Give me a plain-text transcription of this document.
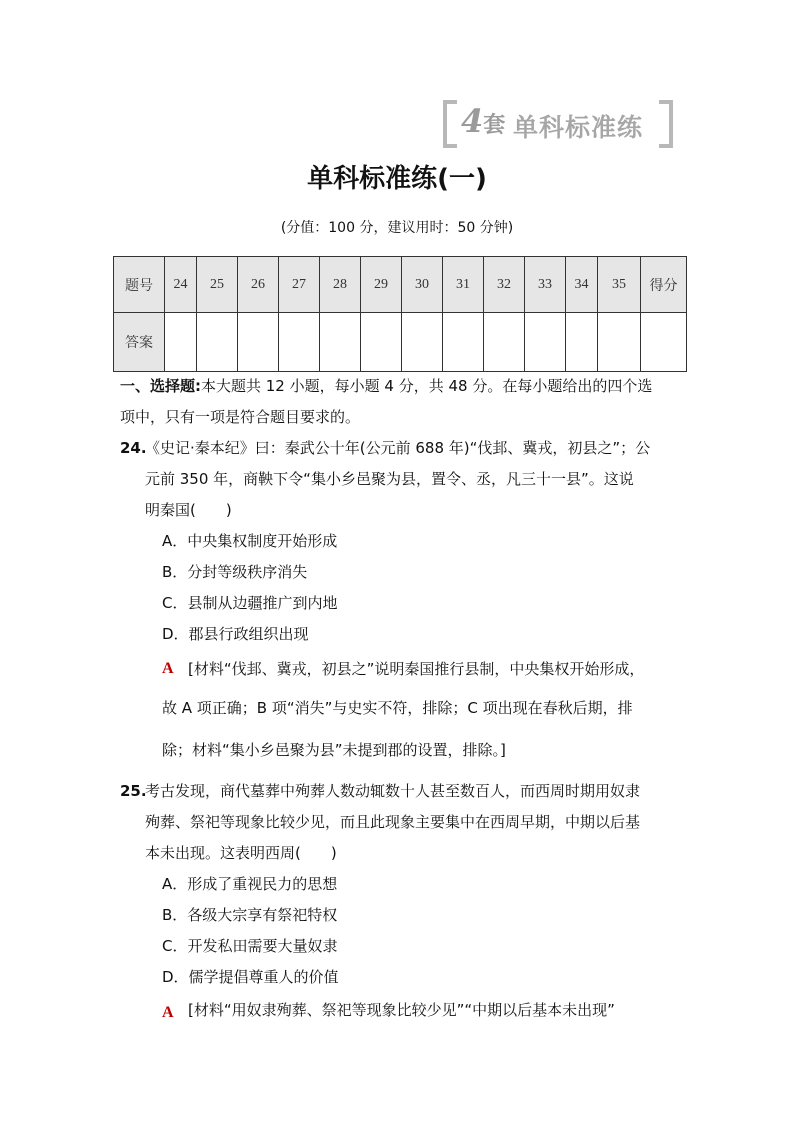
4套 单科标准练
单科标准练(一)
(分值：100 分，建议用时：50 分钟)
题号	24	25	26	27	28	29	30	31	32	33	34	35	得分
答案													
一、选择题:本大题共 12 小题，每小题 4 分，共 48 分。在每小题给出的四个选
项中，只有一项是符合题目要求的。
24.
《史记·秦本纪》曰：秦武公十年(公元前 688 年)“伐邽、冀戎，初县之”；公
元前 350 年，商鞅下令“集小乡邑聚为县，置令、丞，凡三十一县”。这说
明秦国(　　)
A．中央集权制度开始形成
B．分封等级秩序消失
C．县制从边疆推广到内地
D．郡县行政组织出现
A [材料“伐邽、冀戎，初县之”说明秦国推行县制，中央集权开始形成，
故 A 项正确；B 项“消失”与史实不符，排除；C 项出现在春秋后期，排
除；材料“集小乡邑聚为县”未提到郡的设置，排除。]
25.
考古发现，商代墓葬中殉葬人数动辄数十人甚至数百人，而西周时期用奴隶
殉葬、祭祀等现象比较少见，而且此现象主要集中在西周早期，中期以后基
本未出现。这表明西周(　　)
A．形成了重视民力的思想
B．各级大宗享有祭祀特权
C．开发私田需要大量奴隶
D．儒学提倡尊重人的价值
A [材料“用奴隶殉葬、祭祀等现象比较少见”“中期以后基本未出现”
